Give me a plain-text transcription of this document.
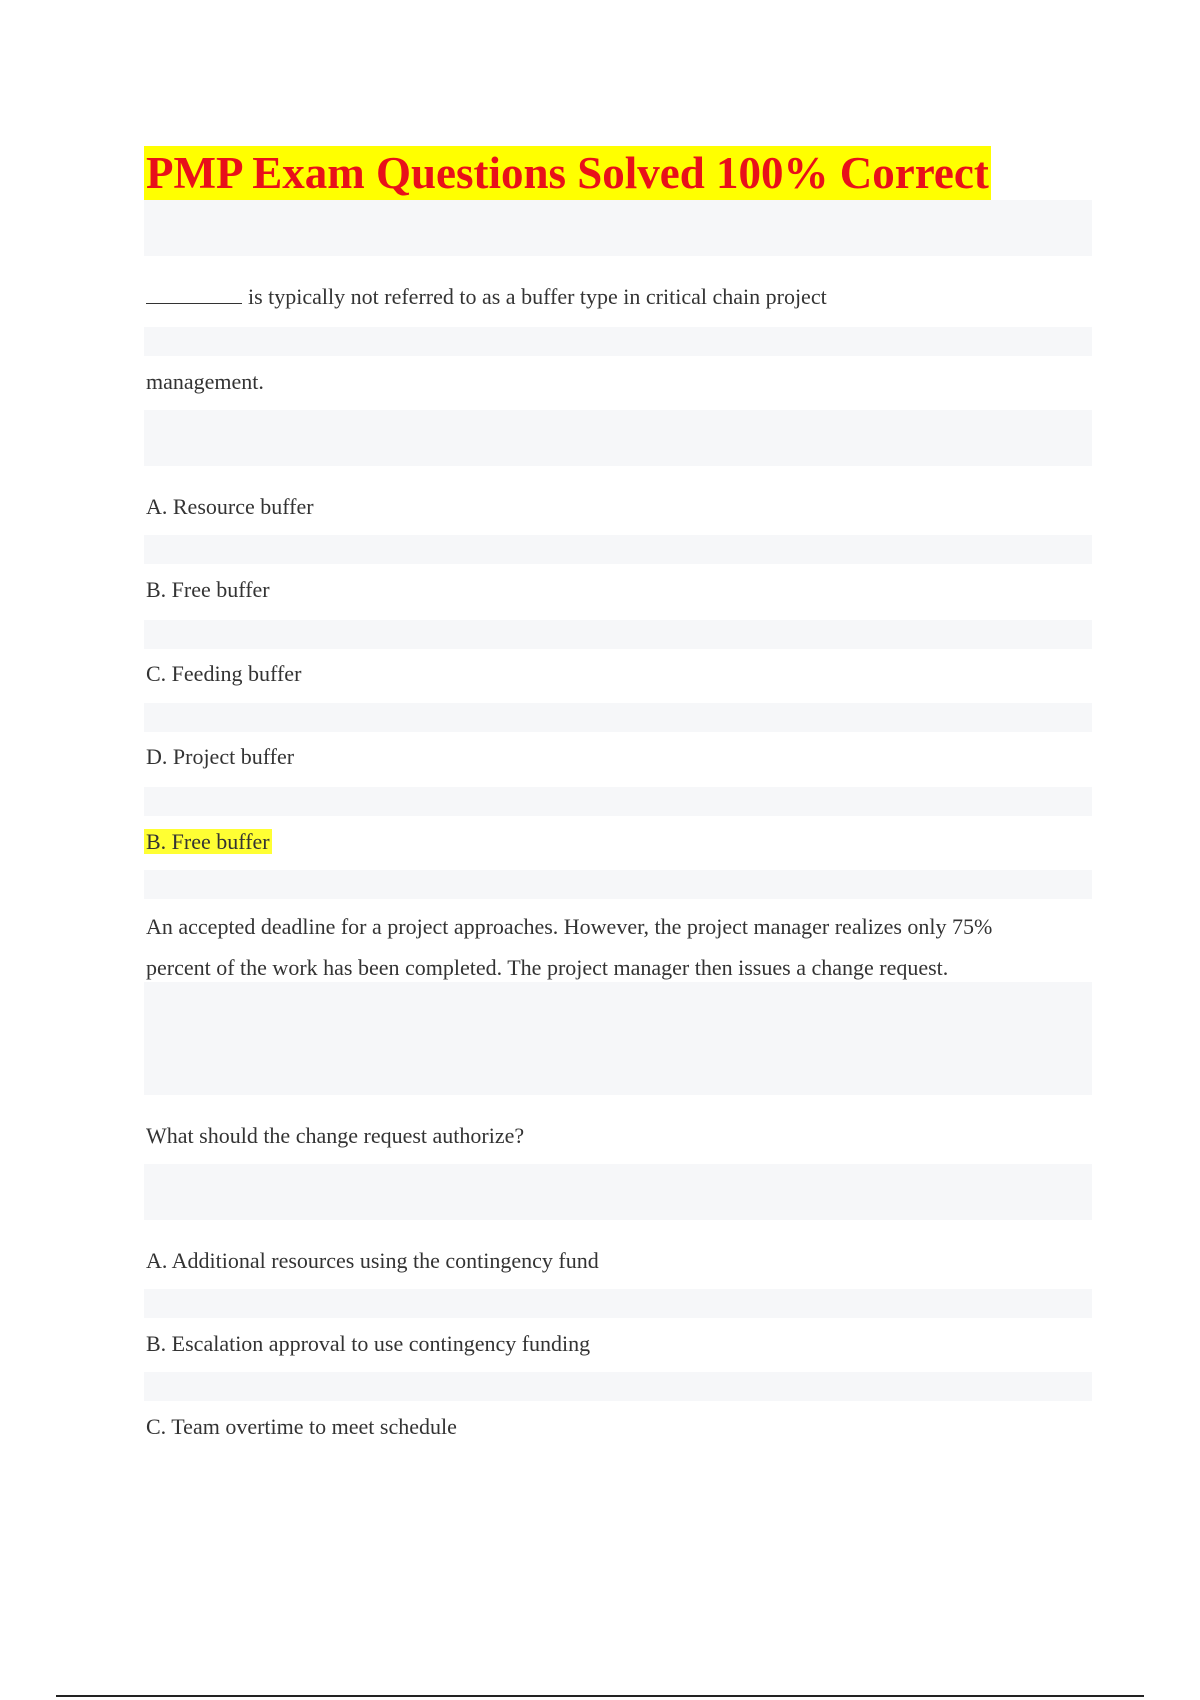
PMP Exam Questions Solved 100% Correct
is typically not referred to as a buffer type in critical chain project
management.
A. Resource buffer
B. Free buffer
C. Feeding buffer
D. Project buffer
B. Free buffer
An accepted deadline for a project approaches. However, the project manager realizes only 75% percent of the work has been completed. The project manager then issues a change request.
What should the change request authorize?
A. Additional resources using the contingency fund
B. Escalation approval to use contingency funding
C. Team overtime to meet schedule
